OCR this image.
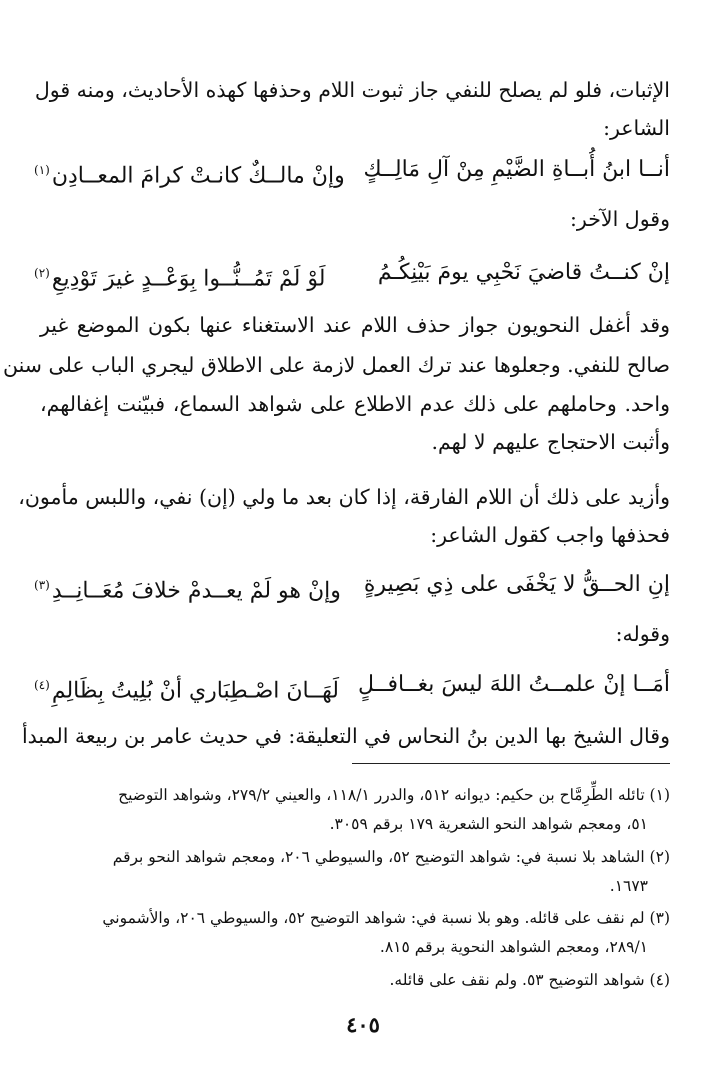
الإثبات، فلو لم يصلح للنفي جاز ثبوت اللام وحذفها كهذه الأحاديث، ومنه قول
الشاعر:
أنــا ابنُ أُبــاةِ الضَّيْمِ مِنْ آلِ مَالِــكٍ
وإنْ مالــكٌ كانـتْ كرامَ المعــادِن$^{(١)}$
وقول الآخر:
إنْ كنــتُ قاضيَ نَحْبِي يومَ بَيْنِكُـمُ
لَوْ لَمْ تَمُــنُّــوا بِوَعْــدٍ غيرَ تَوْدِيعِ$^{(٢)}$
وقد أغفل النحويون جواز حذف اللام عند الاستغناء عنها بكون الموضع غير
صالح للنفي. وجعلوها عند ترك العمل لازمة على الاطلاق ليجري الباب على سنن
واحد. وحاملهم على ذلك عدم الاطلاع على شواهد السماع، فبيّنت إغفالهم،
وأثبت الاحتجاج عليهم لا لهم.
وأزيد على ذلك أن اللام الفارقة، إذا كان بعد ما ولي (إن) نفي، واللبس مأمون،
فحذفها واجب كقول الشاعر:
إنِ الحــقُّ لا يَخْفَى على ذِي بَصِيرةٍ
وإنْ هو لَمْ يعــدمْ خلافَ مُعَــانِــدِ$^{(٣)}$
وقوله:
أمَــا إنْ علمــتُ اللهَ ليسَ بغــافــلٍ
لَهَــانَ اصْـطِبَاري أنْ بُلِيتُ بِظَالِمِ$^{(٤)}$
وقال الشيخ بها الدين بنُ النحاس في التعليقة: في حديث عامر بن ربيعة المبدأ
(١) تائله الطِّرِمَّاح بن حكيم: ديوانه ٥١٢، والدرر ١١٨/١، والعيني ٢٧٩/٢، وشواهد التوضيح
٥١، ومعجم شواهد النحو الشعرية ١٧٩ برقم ٣٠٥٩.
(٢) الشاهد بلا نسبة في: شواهد التوضيح ٥٢، والسيوطي ٢٠٦، ومعجم شواهد النحو برقم
١٦٧٣.
(٣) لم نقف على قائله. وهو بلا نسبة في: شواهد التوضيح ٥٢، والسيوطي ٢٠٦، والأشموني
٢٨٩/١، ومعجم الشواهد النحوية برقم ٨١٥.
(٤) شواهد التوضيح ٥٣. ولم نقف على قائله.
٤٠٥
